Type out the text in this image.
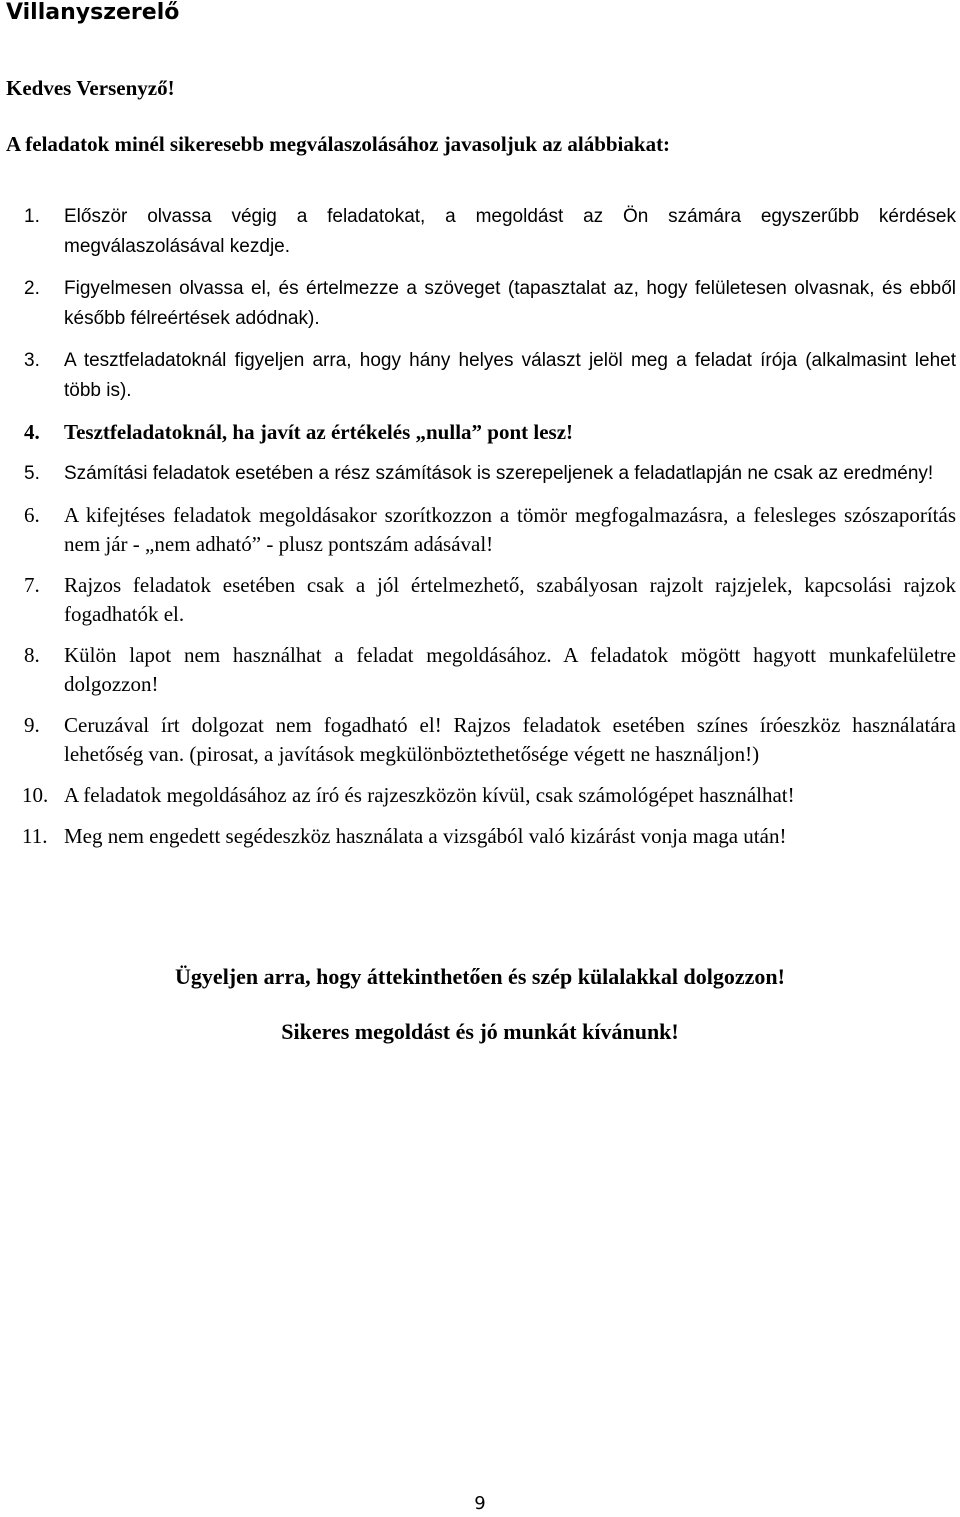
Villanyszerelő

Kedves Versenyző!

A feladatok minél sikeresebb megválaszolásához javasoljuk az alábbiakat:

1.	Először olvassa végig a feladatokat, a megoldást az Ön számára egyszerűbb kérdések megválaszolásával kezdje.
2.	Figyelmesen olvassa el, és értelmezze a szöveget (tapasztalat az, hogy felületesen olvasnak, és ebből később félreértések adódnak).
3.	A tesztfeladatoknál figyeljen arra, hogy hány helyes választ jelöl meg a feladat írója (alkalmasint lehet több is).
4.	Tesztfeladatoknál, ha javít az értékelés „nulla” pont lesz!
5.	Számítási feladatok esetében a rész számítások is szerepeljenek a feladatlapján ne csak az eredmény!
6.	A kifejtéses feladatok megoldásakor szorítkozzon a tömör megfogalmazásra, a felesleges szószaporítás nem jár - „nem adható” - plusz pontszám adásával!
7.	Rajzos feladatok esetében csak a jól értelmezhető, szabályosan rajzolt rajzjelek, kapcsolási rajzok fogadhatók el.
8.	Külön lapot nem használhat a feladat megoldásához. A feladatok mögött hagyott munkafelületre dolgozzon!
9.	Ceruzával írt dolgozat nem fogadható el! Rajzos feladatok esetében színes íróeszköz használatára lehetőség van. (pirosat, a javítások megkülönböztethetősége végett ne használjon!)
10. A feladatok megoldásához az író és rajzeszközön kívül, csak számológépet használhat!
11. Meg nem engedett segédeszköz használata a vizsgából való kizárást vonja maga után!

Ügyeljen arra, hogy áttekinthetően és szép külalakkal dolgozzon!

Sikeres megoldást és jó munkát kívánunk!

9
